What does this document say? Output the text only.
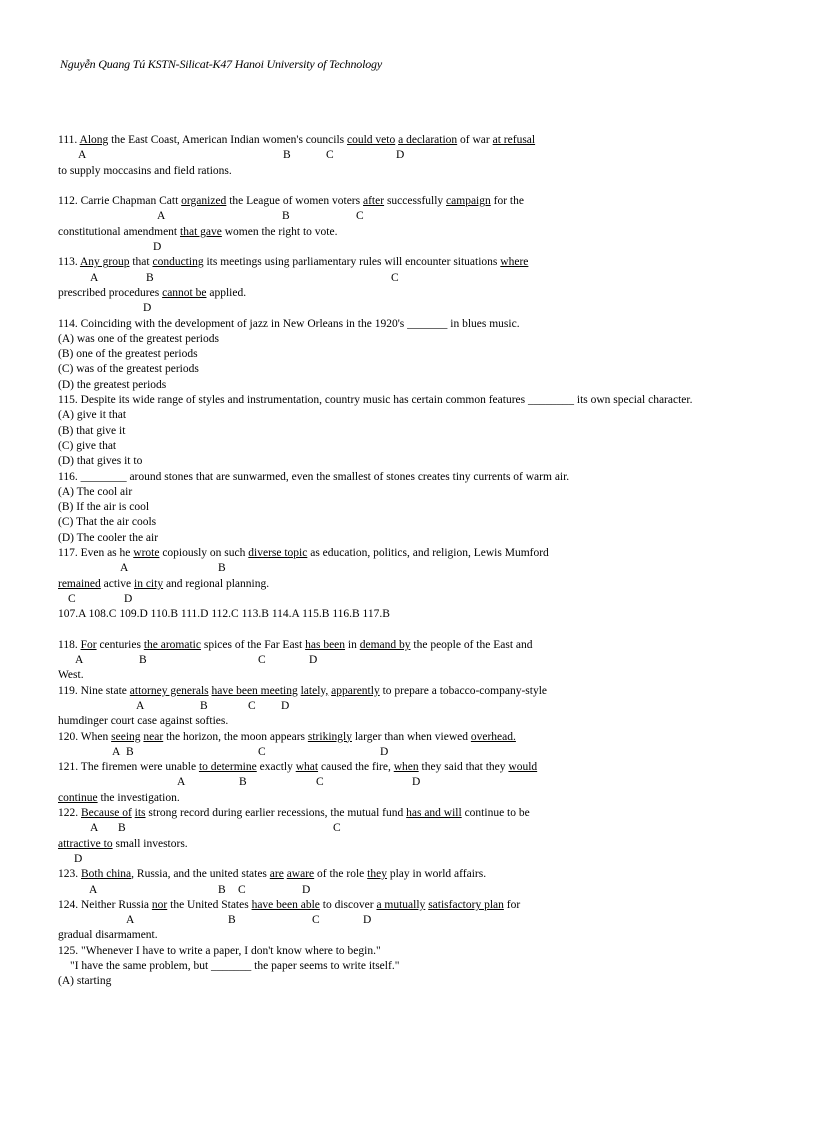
Nguyễn Quang Tú KSTN-Silicat-K47 Hanoi University of Technology
111. Along the East Coast, American Indian women's councils could veto a declaration of war at refusal
A	B	C	D
to supply moccasins and field rations.
112. Carrie Chapman Catt organized the League of women voters after successfully campaign for the
A	B	C
constitutional amendment that gave women the right to vote.
D
113. Any group that conducting its meetings using parliamentary rules will encounter situations where
A	B	C
prescribed procedures cannot be applied.
D
114. Coinciding with the development of jazz in New Orleans in the 1920's _______ in blues music.
(A) was one of the greatest periods
(B) one of the greatest periods
(C) was of the greatest periods
(D) the greatest periods
115. Despite its wide range of styles and instrumentation, country music has certain common features ________ its own special character.
(A) give it that
(B) that give it
(C) give that
(D) that gives it to
116. ________ around stones that are sunwarmed, even the smallest of stones creates tiny currents of warm air.
(A) The cool air
(B) If the air is cool
(C) That the air cools
(D) The cooler the air
117. Even as he wrote copiously on such diverse topic as education, politics, and religion, Lewis Mumford
A	B
remained active in city and regional planning.
C	D
107.A 108.C 109.D 110.B 111.D 112.C 113.B 114.A 115.B 116.B 117.B
118. For centuries the aromatic spices of the Far East has been in demand by the people of the East and
A	B	C	D
West.
119. Nine state attorney generals have been meeting lately, apparently to prepare a tobacco-company-style
A	B	C D
humdinger court case against softies.
120. When seeing near the horizon, the moon appears strikingly larger than when viewed overhead.
A B	C	D
121. The firemen were unable to determine exactly what caused the fire, when they said that they would
A	B	C	D
continue the investigation.
122. Because of its strong record during earlier recessions, the mutual fund has and will continue to be
A B	C
attractive to small investors.
D
123. Both china, Russia, and the united states are aware of the role they play in world affairs.
A	B C	D
124. Neither Russia nor the United States have been able to discover a mutually satisfactory plan for
A	B	C	D
gradual disarmament.
125. "Whenever I have to write a paper, I don't know where to begin."
"I have the same problem, but _______ the paper seems to write itself."
(A) starting
